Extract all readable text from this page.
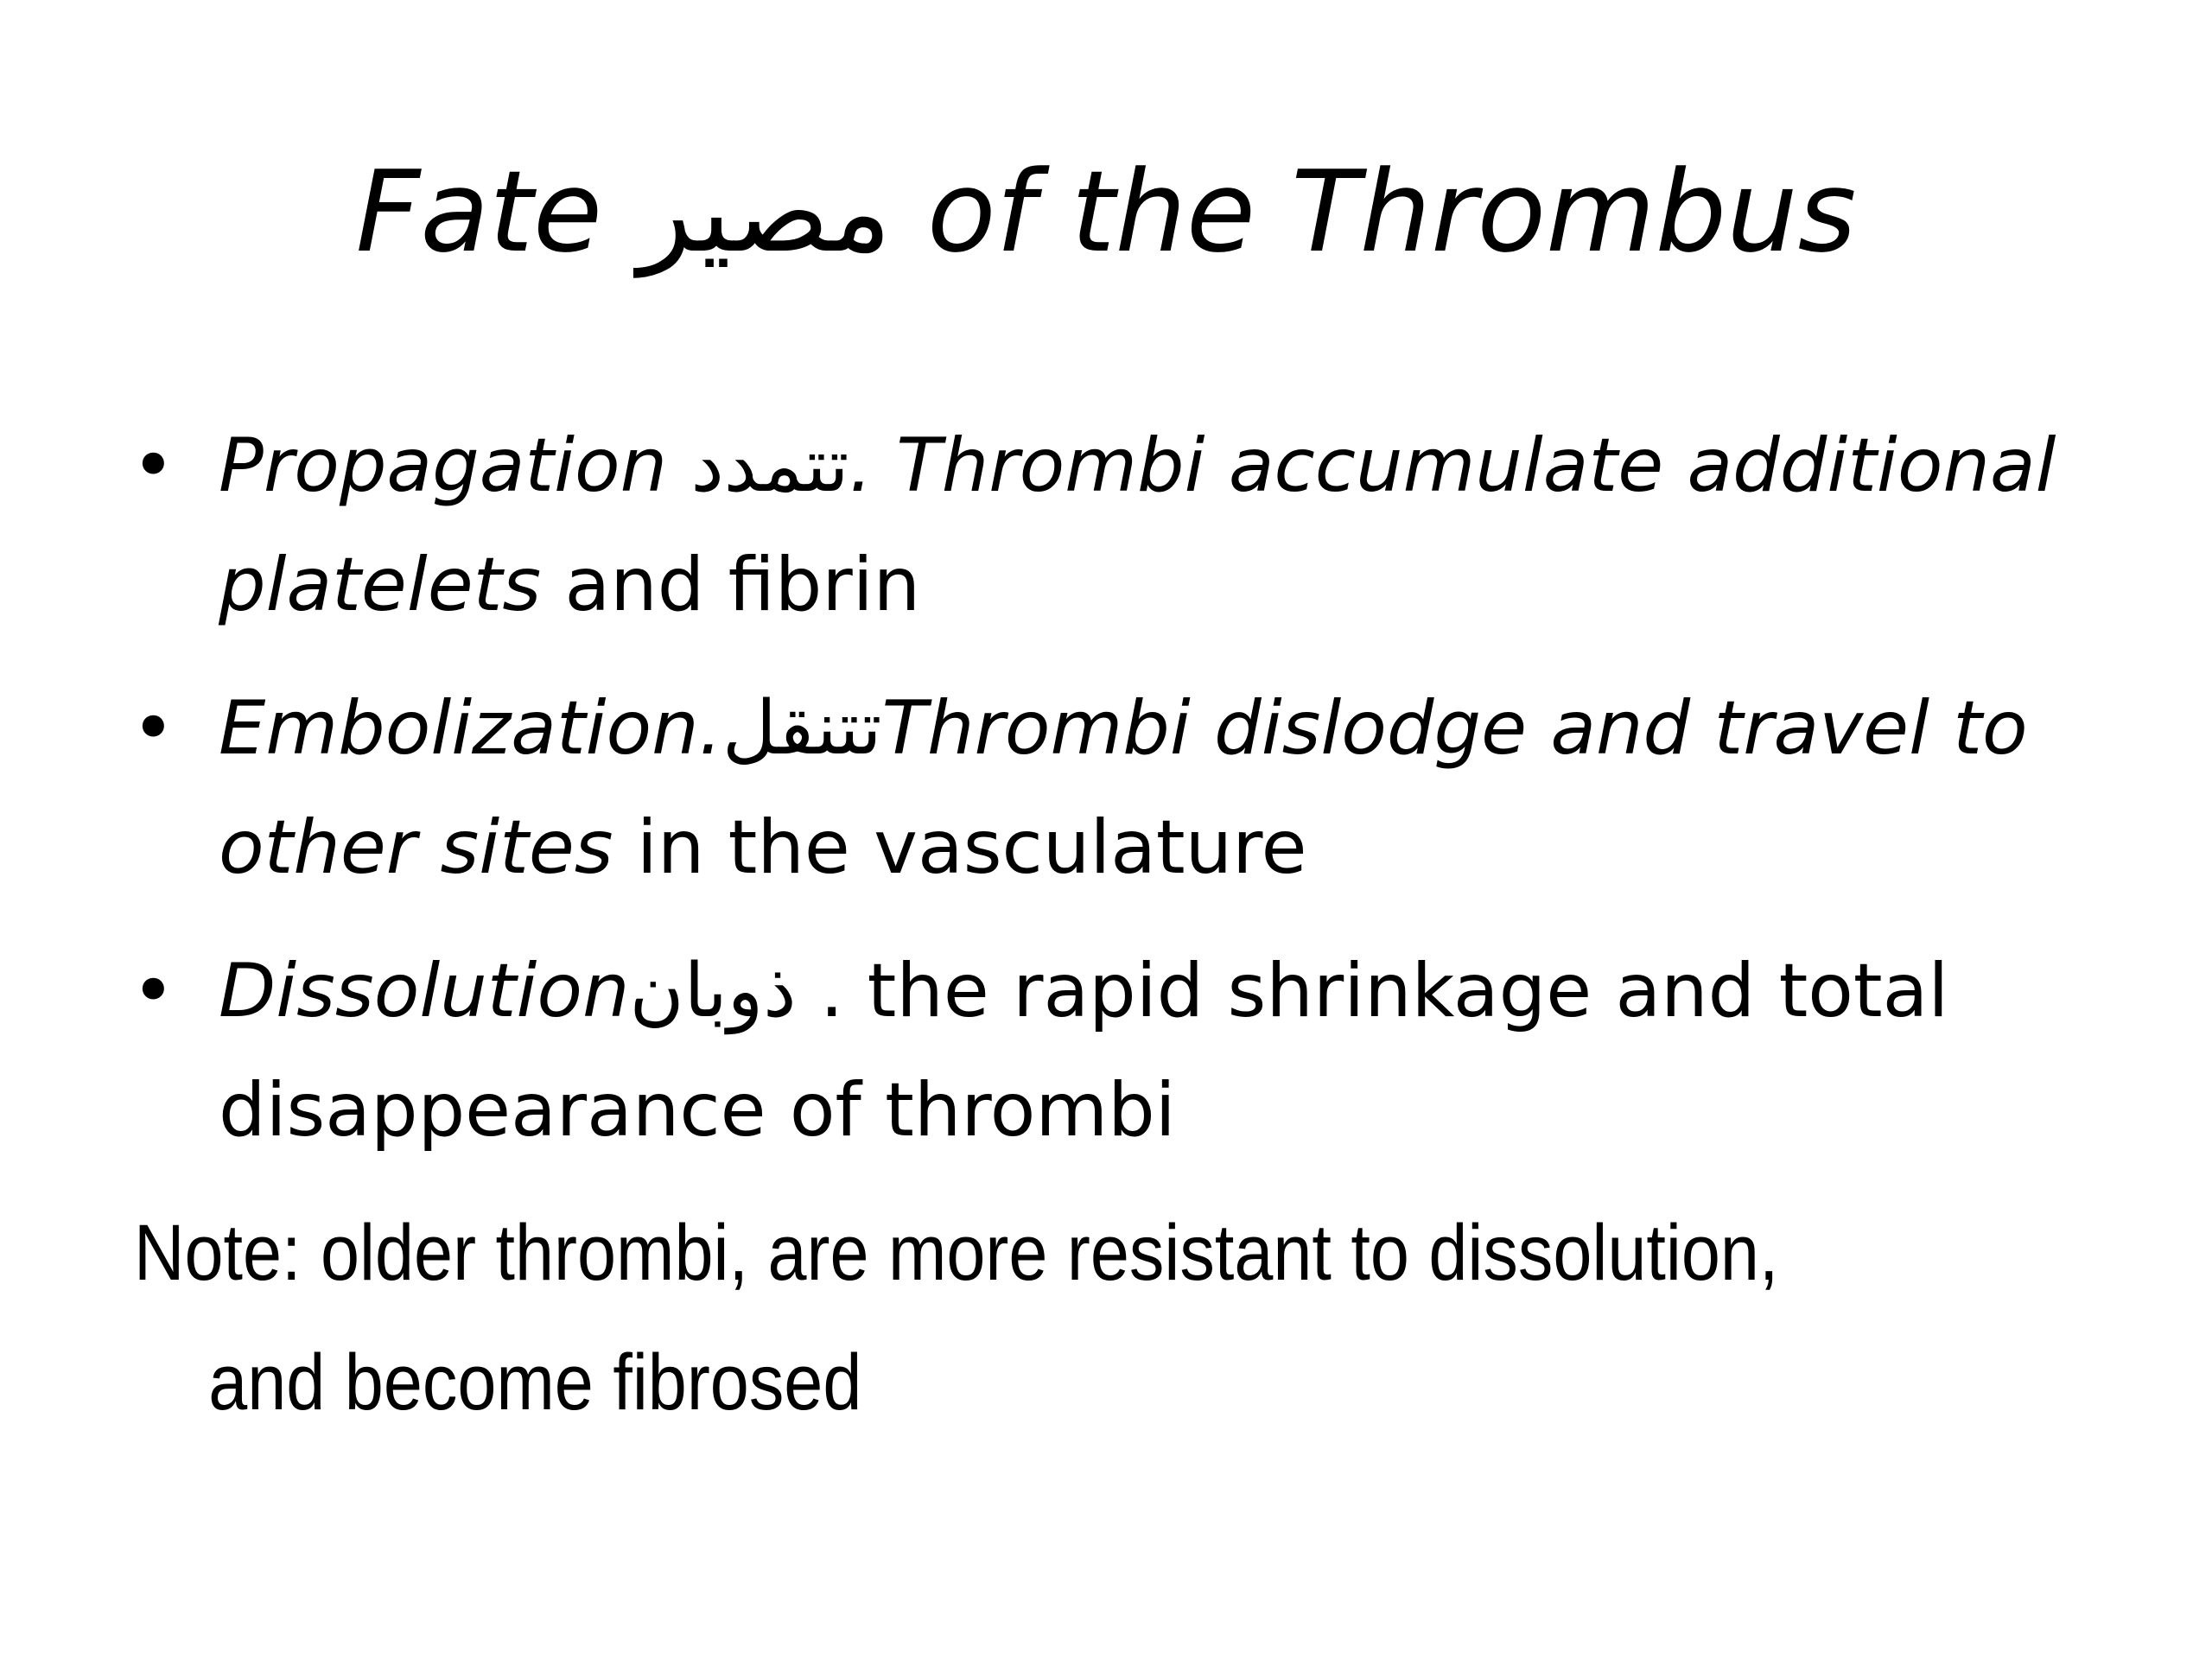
Fate مصير of the Thrombus
• Propagation تتمدد. Thrombi accumulate additional platelets and fibrin
• Embolization.تتنقلThrombi dislodge and travel to other sites in the vasculature
• Dissolutionذوبان . the rapid shrinkage and total disappearance of thrombi
Note: older thrombi, are more resistant to dissolution,
and become fibrosed
